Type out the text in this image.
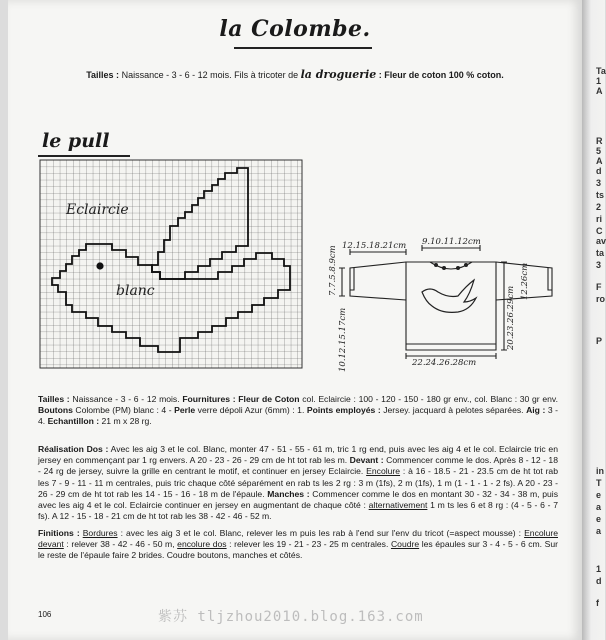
la Colombe.
Tailles : Naissance - 3 - 6 - 12 mois. Fils à tricoter de la droguerie : Fleur de coton 100 % coton.
le pull
Eclaircie
blanc
12.15.18.21cm 9.10.11.12cm
7.7.5.8.9cm
10.12.15.17cm
12.26cm
20.23.26.29cm
22.24.26.28cm
Tailles : Naissance - 3 - 6 - 12 mois. Fournitures : Fleur de Coton col. Eclaircie : 100 - 120 - 150 - 180 gr env., col. Blanc : 30 gr env. Boutons Colombe (PM) blanc : 4 - Perle verre dépoli Azur (6mm) : 1. Points employés : Jersey. jacquard à pelotes séparées. Aig : 3 - 4. Echantillon : 21 m x 28 rg.
Réalisation Dos : Avec les aig 3 et le col. Blanc, monter 47 - 51 - 55 - 61 m, tric 1 rg end, puis avec les aig 4 et le col. Eclaircie tric en jersey en commençant par 1 rg envers. A 20 - 23 - 26 - 29 cm de ht tot rab les m. Devant : Commencer comme le dos. Après 8 - 12 - 18 - 24 rg de jersey, suivre la grille en centrant le motif, et continuer en jersey Eclaircie. Encolure : à 16 - 18.5 - 21 - 23.5 cm de ht tot rab les 7 - 9 - 11 - 11 m centrales, puis tric chaque côté séparément en rab ts les 2 rg : 3 m (1fs), 2 m (1fs), 1 m (1 - 1 - 1 - 2 fs). A 20 - 23 - 26 - 29 cm de ht tot rab les 14 - 15 - 16 - 18 m de l'épaule. Manches : Commencer comme le dos en montant 30 - 32 - 34 - 38 m, puis avec les aig 4 et le col. Eclaircie continuer en jersey en augmentant de chaque côté : alternativement 1 m ts les 6 et 8 rg : (4 - 5 - 6 - 7 fs). A 12 - 15 - 18 - 21 cm de ht tot rab les 38 - 42 - 46 - 52 m.
Finitions : Bordures : avec les aig 3 et le col. Blanc, relever les m puis les rab à l'end sur l'env du tricot (=aspect mousse) : Encolure devant : relever 38 - 42 - 46 - 50 m, encolure dos : relever les 19 - 21 - 23 - 25 m centrales. Coudre les épaules sur 3 - 4 - 5 - 6 cm. Sur le reste de l'épaule faire 2 brides. Coudre boutons, manches et côtés.
106	紫苏 tljzhou2010.blog.163.com
Ta
1
A
R
5
A
d
3
ts
2
ri
C
av
ta
3
F
ro
P
in
T
e
a
e
a
1
d
f
